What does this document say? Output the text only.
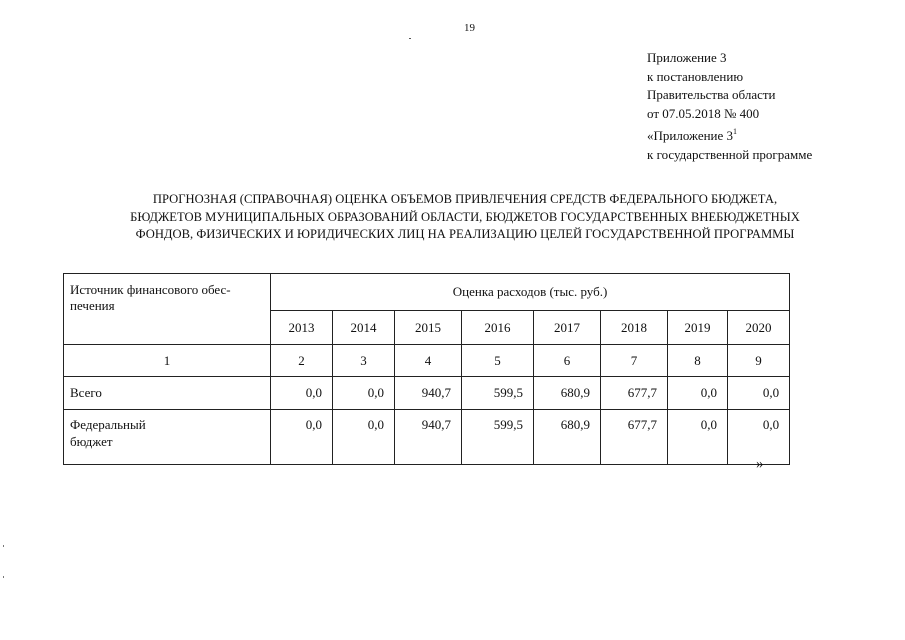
19
Приложение 3
к постановлению
Правительства области
от 07.05.2018 № 400
«Приложение $3^1$
к государственной программе
ПРОГНОЗНАЯ (СПРАВОЧНАЯ) ОЦЕНКА ОБЪЕМОВ ПРИВЛЕЧЕНИЯ СРЕДСТВ ФЕДЕРАЛЬНОГО БЮДЖЕТА,
БЮДЖЕТОВ МУНИЦИПАЛЬНЫХ ОБРАЗОВАНИЙ ОБЛАСТИ, БЮДЖЕТОВ ГОСУДАРСТВЕННЫХ ВНЕБЮДЖЕТНЫХ
ФОНДОВ, ФИЗИЧЕСКИХ И ЮРИДИЧЕСКИХ ЛИЦ НА РЕАЛИЗАЦИЮ ЦЕЛЕЙ ГОСУДАРСТВЕННОЙ ПРОГРАММЫ
Источник финансового обес-
печения	Оценка расходов (тыс. руб.)							
	2013	2014	2015	2016	2017	2018	2019	2020
1	2	3	4	5	6	7	8	9
Всего	0,0	0,0	940,7	599,5	680,9	677,7	0,0	0,0

Федеральный
бюджет	0,0	0,0	940,7	599,5	680,9	677,7	0,0	0,0
»
